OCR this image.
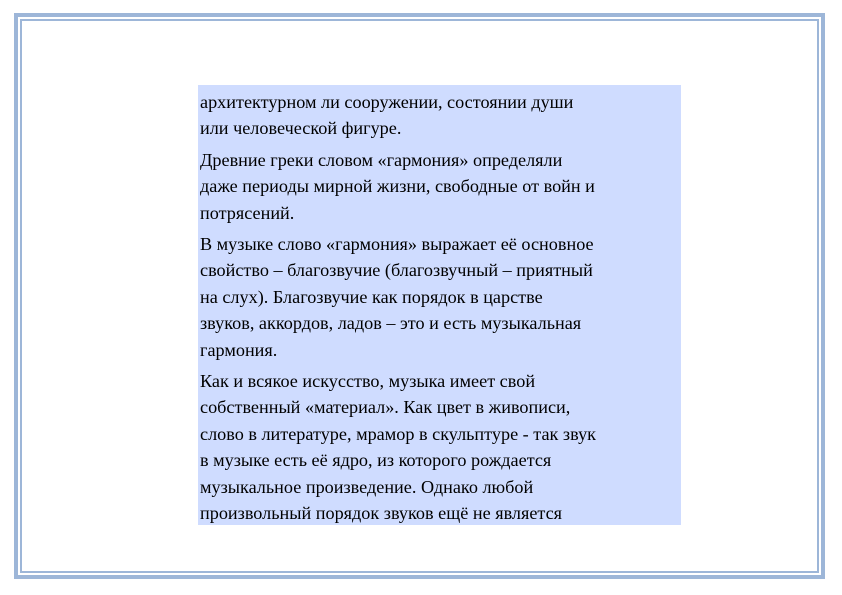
архитектурном ли сооружении, состоянии души
или человеческой фигуре.

Древние греки словом «гармония» определяли
даже периоды мирной жизни, свободные от войн и
потрясений.

В музыке слово «гармония» выражает её основное
свойство – благозвучие (благозвучный – приятный
на слух). Благозвучие как порядок в царстве
звуков, аккордов, ладов – это и есть музыкальная
гармония.

Как и всякое искусство, музыка имеет свой
собственный «материал». Как цвет в живописи,
слово в литературе, мрамор в скульптуре - так звук
в музыке есть её ядро, из которого рождается
музыкальное произведение. Однако любой
произвольный порядок звуков ещё не является
